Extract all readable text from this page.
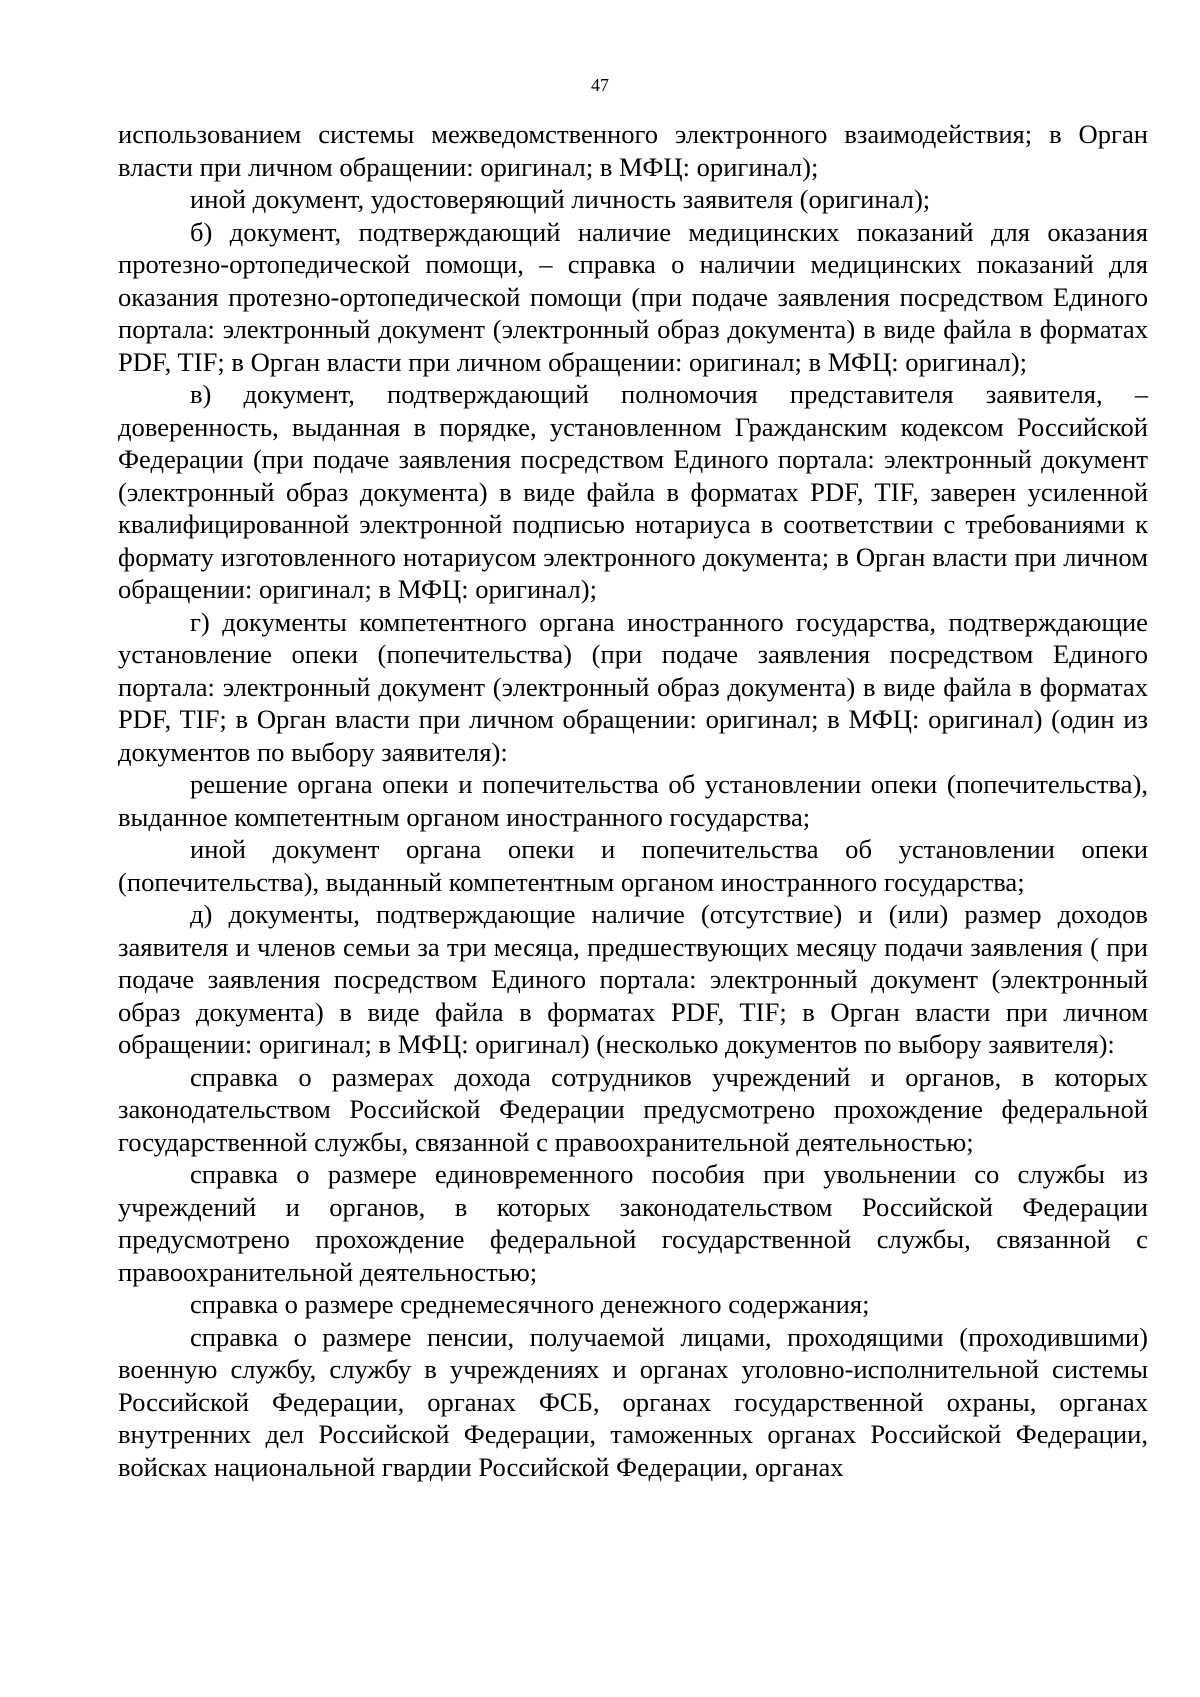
47

использованием системы межведомственного электронного взаимодействия; в Орган власти при личном обращении: оригинал; в МФЦ: оригинал);

иной документ, удостоверяющий личность заявителя (оригинал);

б) документ, подтверждающий наличие медицинских показаний для оказания протезно-ортопедической помощи, – справка о наличии медицинских показаний для оказания протезно-ортопедической помощи (при подаче заявления посредством Единого портала: электронный документ (электронный образ документа) в виде файла в форматах PDF, TIF; в Орган власти при личном обращении: оригинал; в МФЦ: оригинал);

в) документ, подтверждающий полномочия представителя заявителя, – доверенность, выданная в порядке, установленном Гражданским кодексом Российской Федерации (при подаче заявления посредством Единого портала: электронный документ (электронный образ документа) в виде файла в форматах PDF, TIF, заверен усиленной квалифицированной электронной подписью нотариуса в соответствии с требованиями к формату изготовленного нотариусом электронного документа; в Орган власти при личном обращении: оригинал; в МФЦ: оригинал);

г) документы компетентного органа иностранного государства, подтверждающие установление опеки (попечительства) (при подаче заявления посредством Единого портала: электронный документ (электронный образ документа) в виде файла в форматах PDF, TIF; в Орган власти при личном обращении: оригинал; в МФЦ: оригинал) (один из документов по выбору заявителя):

решение органа опеки и попечительства об установлении опеки (попечительства), выданное компетентным органом иностранного государства;

иной документ органа опеки и попечительства об установлении опеки (попечительства), выданный компетентным органом иностранного государства;

д) документы, подтверждающие наличие (отсутствие) и (или) размер доходов заявителя и членов семьи за три месяца, предшествующих месяцу подачи заявления ( при подаче заявления посредством Единого портала: электронный документ (электронный образ документа) в виде файла в форматах PDF, TIF; в Орган власти при личном обращении: оригинал; в МФЦ: оригинал) (несколько документов по выбору заявителя):

справка о размерах дохода сотрудников учреждений и органов, в которых законодательством Российской Федерации предусмотрено прохождение федеральной государственной службы, связанной с правоохранительной деятельностью;

справка о размере единовременного пособия при увольнении со службы из учреждений и органов, в которых законодательством Российской Федерации предусмотрено прохождение федеральной государственной службы, связанной с правоохранительной деятельностью;

справка о размере среднемесячного денежного содержания;

справка о размере пенсии, получаемой лицами, проходящими (проходившими) военную службу, службу в учреждениях и органах уголовно-исполнительной системы Российской Федерации, органах ФСБ, органах государственной охраны, органах внутренних дел Российской Федерации, таможенных органах Российской Федерации, войсках национальной гвардии Российской Федерации, органах
